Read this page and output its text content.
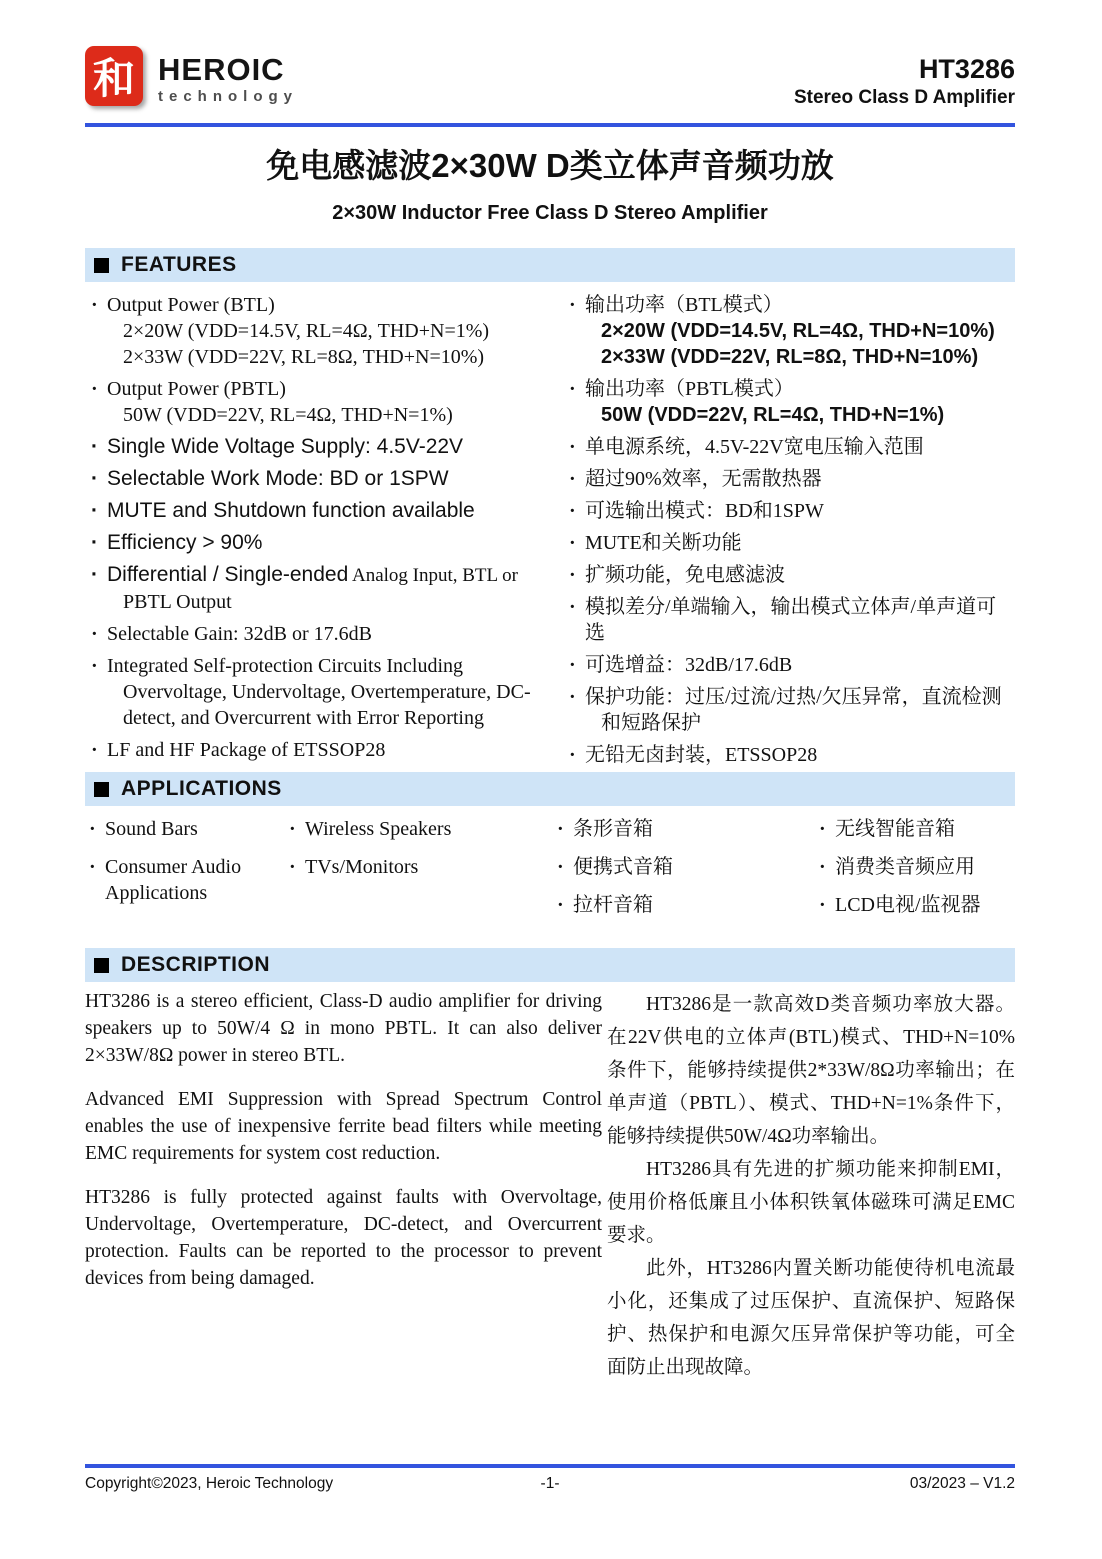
和 HEROIC
technology
HT3286
Stereo Class D Amplifier
免电感滤波2×30W D类立体声音频功放
2×30W Inductor Free Class D Stereo Amplifier
FEATURES
· Output Power (BTL)
2×20W (VDD=14.5V, RL=4Ω, THD+N=1%)
2×33W (VDD=22V, RL=8Ω, THD+N=10%)
· Output Power (PBTL)
50W (VDD=22V, RL=4Ω, THD+N=1%)
· Single Wide Voltage Supply: 4.5V-22V
· Selectable Work Mode: BD or 1SPW
· MUTE and Shutdown function available
· Efficiency > 90%
· Differential / Single-ended Analog Input, BTL or
PBTL Output
· Selectable Gain: 32dB or 17.6dB
· Integrated Self-protection Circuits Including
Overvoltage, Undervoltage, Overtemperature, DC-
detect, and Overcurrent with Error Reporting
· LF and HF Package of ETSSOP28
· 输出功率（BTL模式）
2×20W (VDD=14.5V, RL=4Ω, THD+N=10%)
2×33W (VDD=22V, RL=8Ω, THD+N=10%)
· 输出功率（PBTL模式）
50W (VDD=22V, RL=4Ω, THD+N=1%)
· 单电源系统，4.5V-22V宽电压输入范围
· 超过90%效率，无需散热器
· 可选输出模式：BD和1SPW
· MUTE和关断功能
· 扩频功能，免电感滤波
· 模拟差分/单端输入，输出模式立体声/单声道可选
· 可选增益：32dB/17.6dB
· 保护功能：过压/过流/过热/欠压异常，直流检测
和短路保护
· 无铅无卤封装，ETSSOP28
APPLICATIONS
· Sound Bars
· Consumer Audio Applications
· Wireless Speakers
· TVs/Monitors
· 条形音箱
· 便携式音箱
· 拉杆音箱
· 无线智能音箱
· 消费类音频应用
· LCD电视/监视器
DESCRIPTION

HT3286 is a stereo efficient, Class-D audio amplifier for driving speakers up to 50W/4 Ω in mono PBTL. It can also deliver 2×33W/8Ω power in stereo BTL.

Advanced EMI Suppression with Spread Spectrum Control enables the use of inexpensive ferrite bead filters while meeting EMC requirements for system cost reduction.

HT3286 is fully protected against faults with Overvoltage, Undervoltage, Overtemperature, DC-detect, and Overcurrent protection. Faults can be reported to the processor to prevent devices from being damaged.

HT3286是一款高效D类音频功率放大器。在22V供电的立体声(BTL)模式、THD+N=10%条件下，能够持续提供2*33W/8Ω功率输出；在单声道（PBTL）、模式、THD+N=1%条件下，能够持续提供50W/4Ω功率输出。

HT3286具有先进的扩频功能来抑制EMI，使用价格低廉且小体积铁氧体磁珠可满足EMC要求。

此外，HT3286内置关断功能使待机电流最小化，还集成了过压保护、直流保护、短路保护、热保护和电源欠压异常保护等功能，可全面防止出现故障。

Copyright©2023, Heroic Technology	-1-	03/2023 – V1.2
